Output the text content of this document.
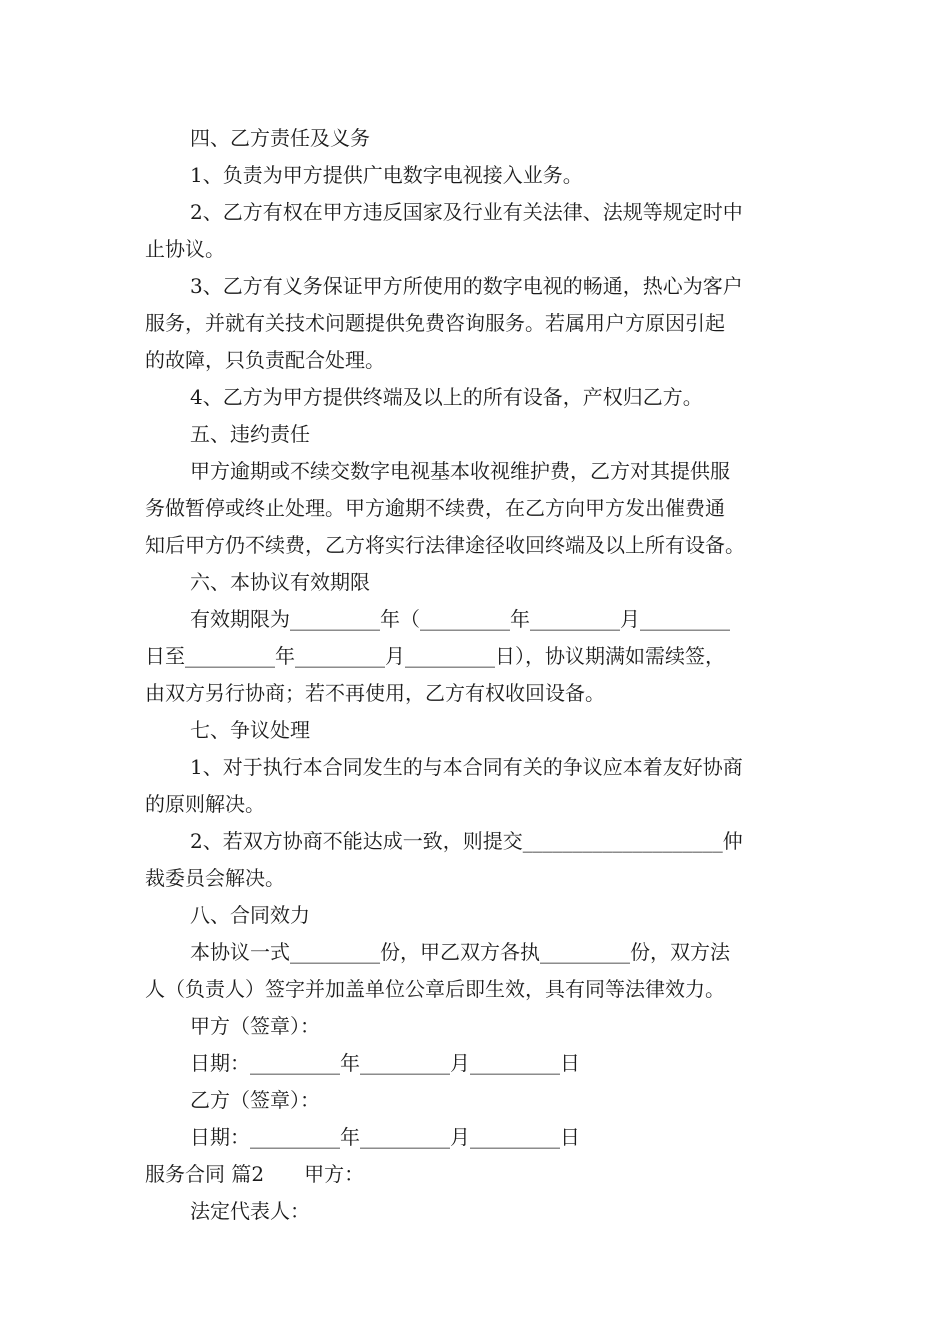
四、乙方责任及义务

1、负责为甲方提供广电数字电视接入业务。

2、乙方有权在甲方违反国家及行业有关法律、法规等规定时中

止协议。

3、乙方有义务保证甲方所使用的数字电视的畅通，热心为客户

服务，并就有关技术问题提供免费咨询服务。若属用户方原因引起

的故障，只负责配合处理。

4、乙方为甲方提供终端及以上的所有设备，产权归乙方。

五、违约责任

甲方逾期或不续交数字电视基本收视维护费，乙方对其提供服

务做暂停或终止处理。甲方逾期不续费，在乙方向甲方发出催费通

知后甲方仍不续费，乙方将实行法律途径收回终端及以上所有设备。

六、本协议有效期限

有效期限为_________年（_________年_________月_________

日至_________年_________月_________日），协议期满如需续签，

由双方另行协商；若不再使用，乙方有权收回设备。

七、争议处理

1、对于执行本合同发生的与本合同有关的争议应本着友好协商

的原则解决。

2、若双方协商不能达成一致，则提交____________________仲

裁委员会解决。

八、合同效力

本协议一式_________份，甲乙双方各执_________份，双方法

人（负责人）签字并加盖单位公章后即生效，具有同等法律效力。

甲方（签章）：

日期：_________年_________月_________日

乙方（签章）：

日期：_________年_________月_________日

服务合同 篇2 甲方：

法定代表人：
